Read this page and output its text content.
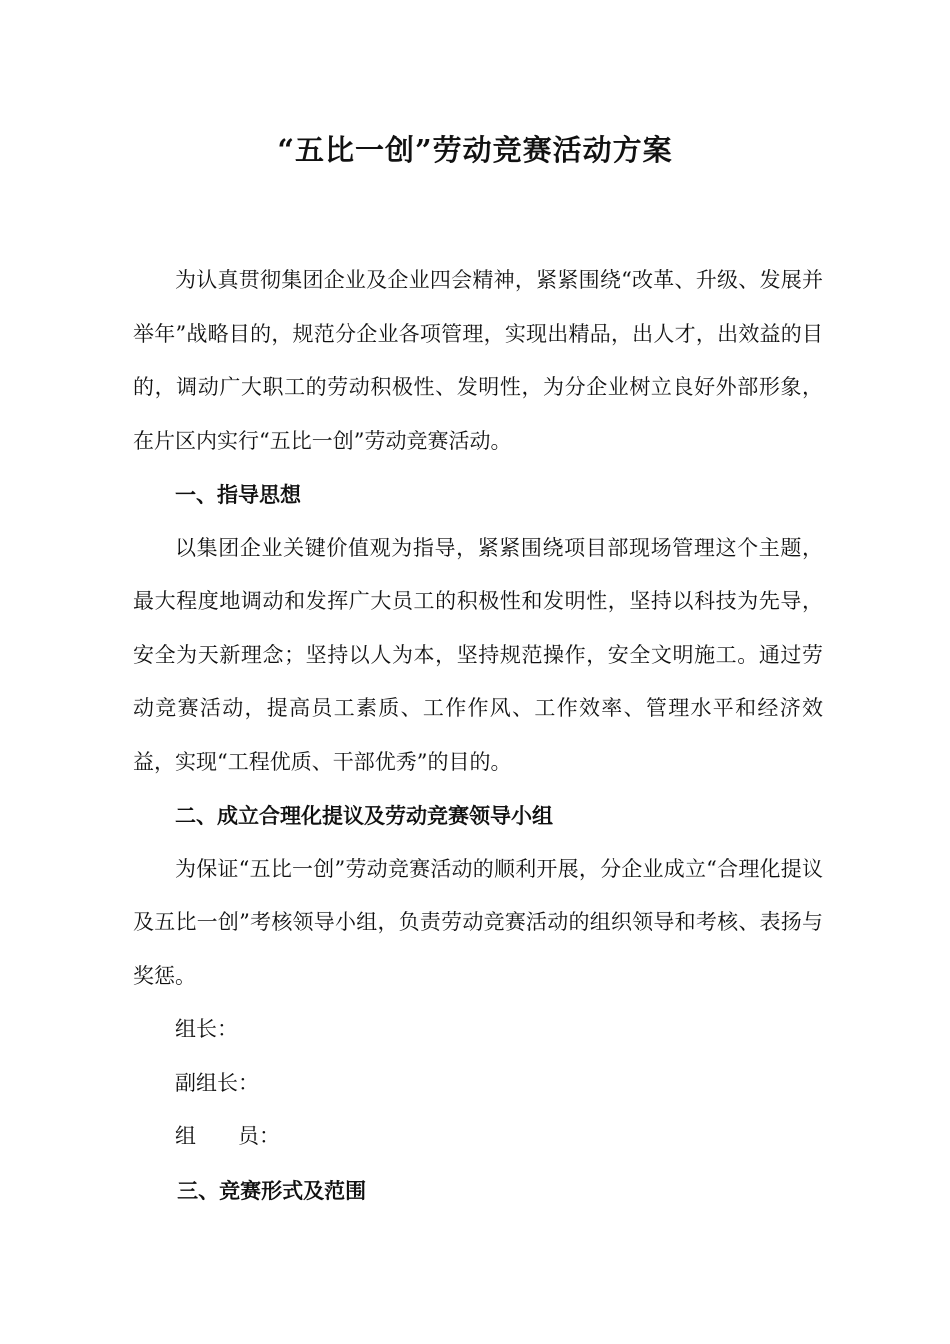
“五比一创”劳动竞赛活动方案

为认真贯彻集团企业及企业四会精神，紧紧围绕“改革、升级、发展并举年”战略目的，规范分企业各项管理，实现出精品，出人才，出效益的目的，调动广大职工的劳动积极性、发明性，为分企业树立良好外部形象，在片区内实行“五比一创”劳动竞赛活动。

一、指导思想

以集团企业关键价值观为指导，紧紧围绕项目部现场管理这个主题，最大程度地调动和发挥广大员工的积极性和发明性，坚持以科技为先导，安全为天新理念；坚持以人为本，坚持规范操作，安全文明施工。通过劳动竞赛活动，提高员工素质、工作作风、工作效率、管理水平和经济效益，实现“工程优质、干部优秀”的目的。

二、成立合理化提议及劳动竞赛领导小组

为保证“五比一创”劳动竞赛活动的顺利开展，分企业成立“合理化提议及五比一创”考核领导小组，负责劳动竞赛活动的组织领导和考核、表扬与奖惩。

组长：

副组长：

组 员：

三、竞赛形式及范围
